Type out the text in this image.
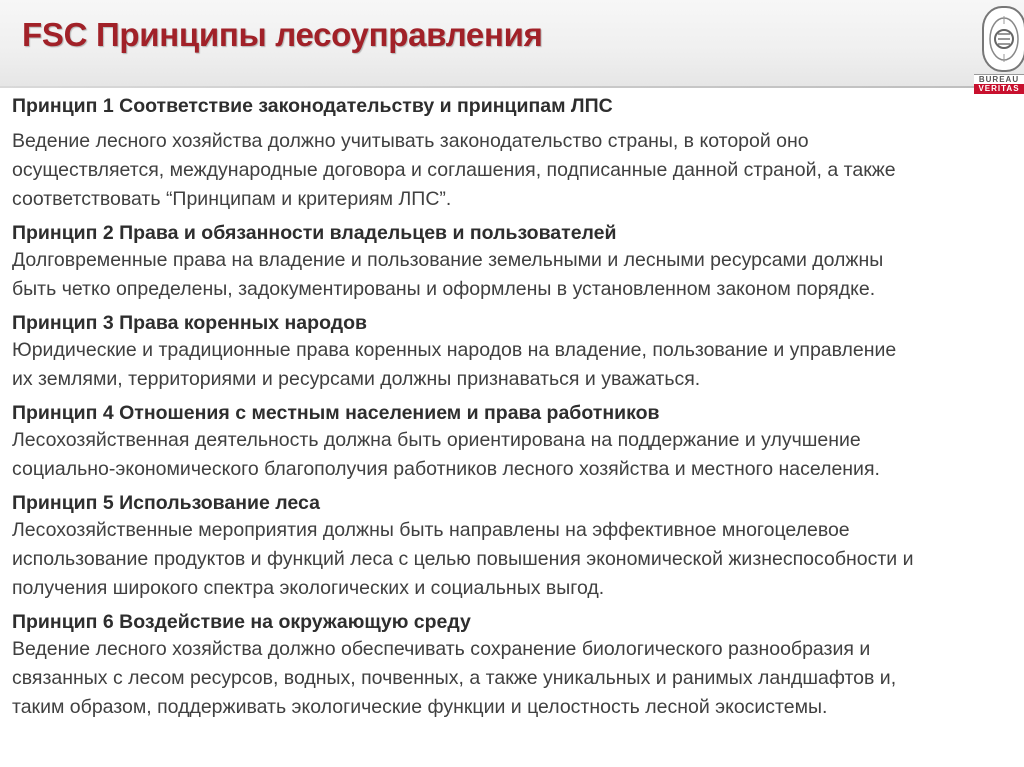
FSC Принципы лесоуправления
BUREAU
VERITAS
Принцип 1 Соответствие законодательству и принципам ЛПС
Ведение лесного хозяйства должно учитывать законодательство страны, в которой оно
осуществляется, международные договора и соглашения, подписанные данной страной, а также
соответствовать “Принципам и критериям ЛПС”.
Принцип 2 Права и обязанности владельцев и пользователей
Долговременные права на владение и пользование земельными и лесными ресурсами должны
быть четко определены, задокументированы и оформлены в установленном законом порядке.
Принцип 3 Права коренных народов
Юридические и традиционные права коренных народов на владение, пользование и управление
их землями, территориями и ресурсами должны признаваться и уважаться.
Принцип 4 Отношения с местным населением и права работников
Лесохозяйственная деятельность должна быть ориентирована на поддержание и улучшение
социально-экономического благополучия работников лесного хозяйства и местного населения.
Принцип 5 Использование леса
Лесохозяйственные мероприятия должны быть направлены на эффективное многоцелевое
использование продуктов и функций леса с целью повышения экономической жизнеспособности и
получения широкого спектра экологических и социальных выгод.
Принцип 6 Воздействие на окружающую среду
Ведение лесного хозяйства должно обеспечивать сохранение биологического разнообразия и
связанных с лесом ресурсов, водных, почвенных, а также уникальных и ранимых ландшафтов и,
таким образом, поддерживать экологические функции и целостность лесной экосистемы.
